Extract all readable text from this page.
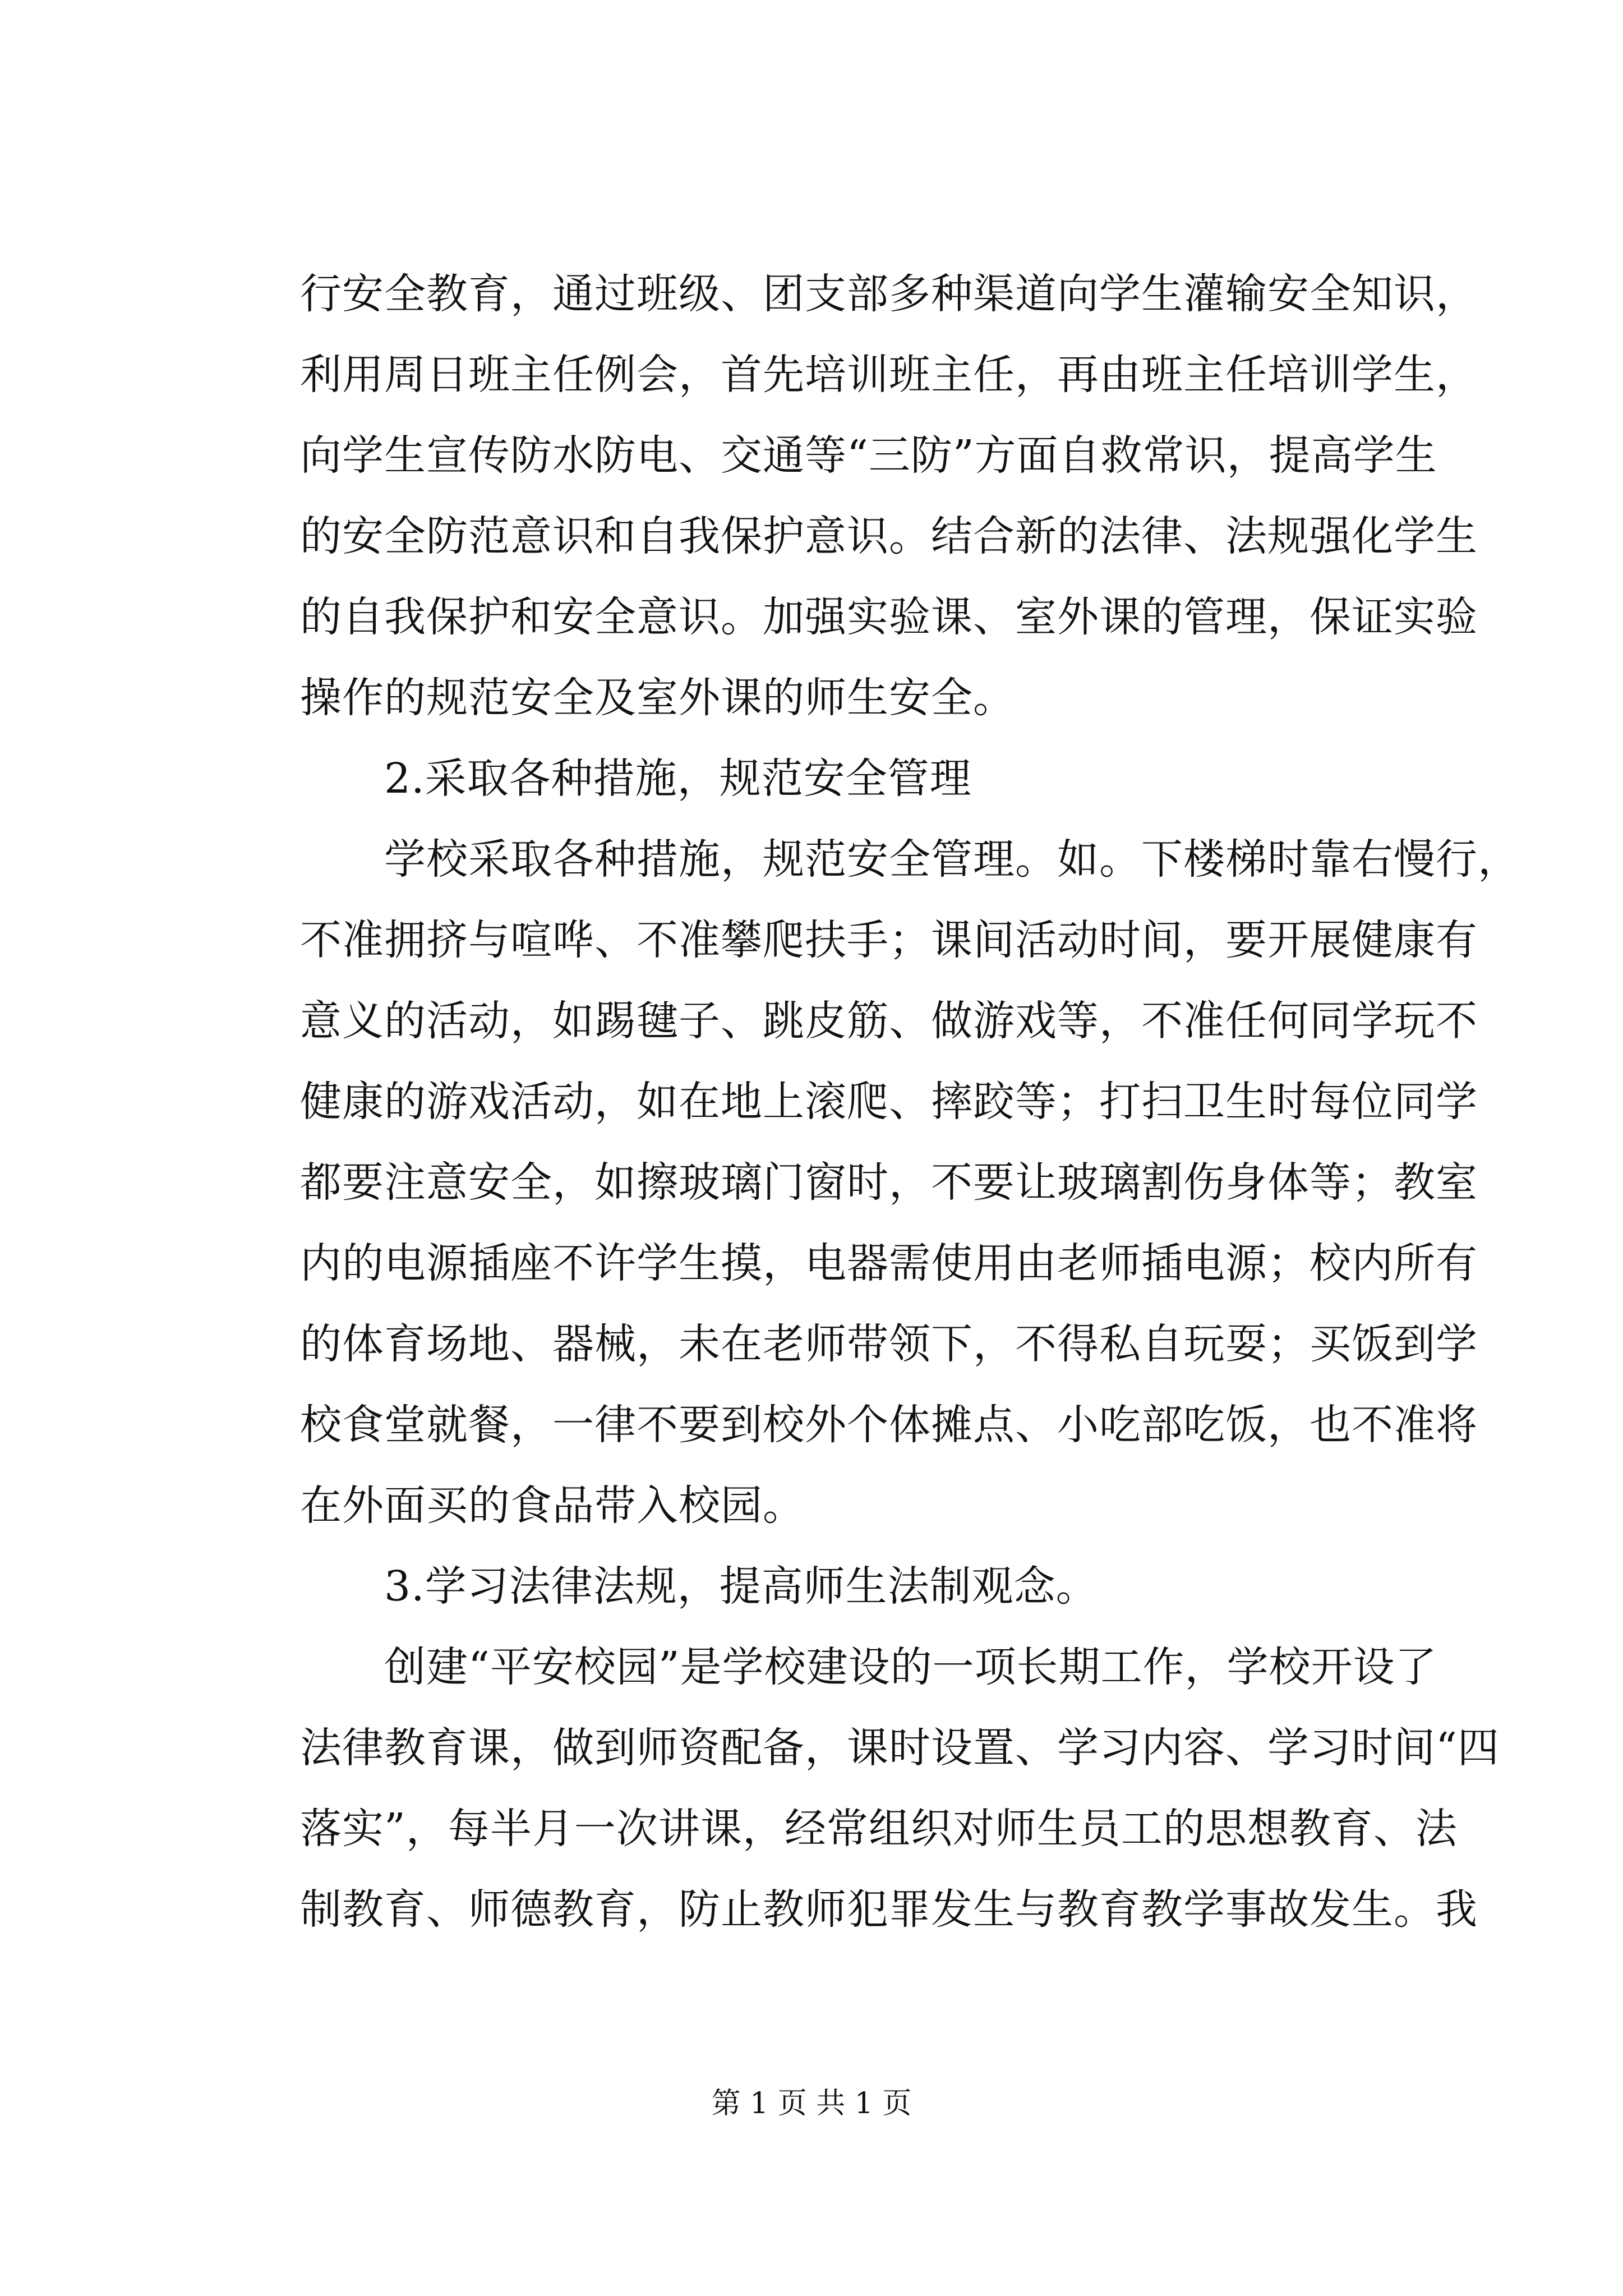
行安全教育，通过班级、团支部多种渠道向学生灌输安全知识，
利用周日班主任例会，首先培训班主任，再由班主任培训学生，
向学生宣传防水防电、交通等“三防”方面自救常识，提高学生
的安全防范意识和自我保护意识。结合新的法律、法规强化学生
的自我保护和安全意识。加强实验课、室外课的管理，保证实验
操作的规范安全及室外课的师生安全。
2.采取各种措施，规范安全管理
学校采取各种措施，规范安全管理。如。下楼梯时靠右慢行，
不准拥挤与喧哗、不准攀爬扶手；课间活动时间，要开展健康有
意义的活动，如踢毽子、跳皮筋、做游戏等，不准任何同学玩不
健康的游戏活动，如在地上滚爬、摔跤等；打扫卫生时每位同学
都要注意安全，如擦玻璃门窗时，不要让玻璃割伤身体等；教室
内的电源插座不许学生摸，电器需使用由老师插电源；校内所有
的体育场地、器械，未在老师带领下，不得私自玩耍；买饭到学
校食堂就餐，一律不要到校外个体摊点、小吃部吃饭，也不准将
在外面买的食品带入校园。
3.学习法律法规，提高师生法制观念。
创建“平安校园”是学校建设的一项长期工作，学校开设了
法律教育课，做到师资配备，课时设置、学习内容、学习时间“四
落实”，每半月一次讲课，经常组织对师生员工的思想教育、法
制教育、师德教育，防止教师犯罪发生与教育教学事故发生。我
第 1 页 共 1 页
